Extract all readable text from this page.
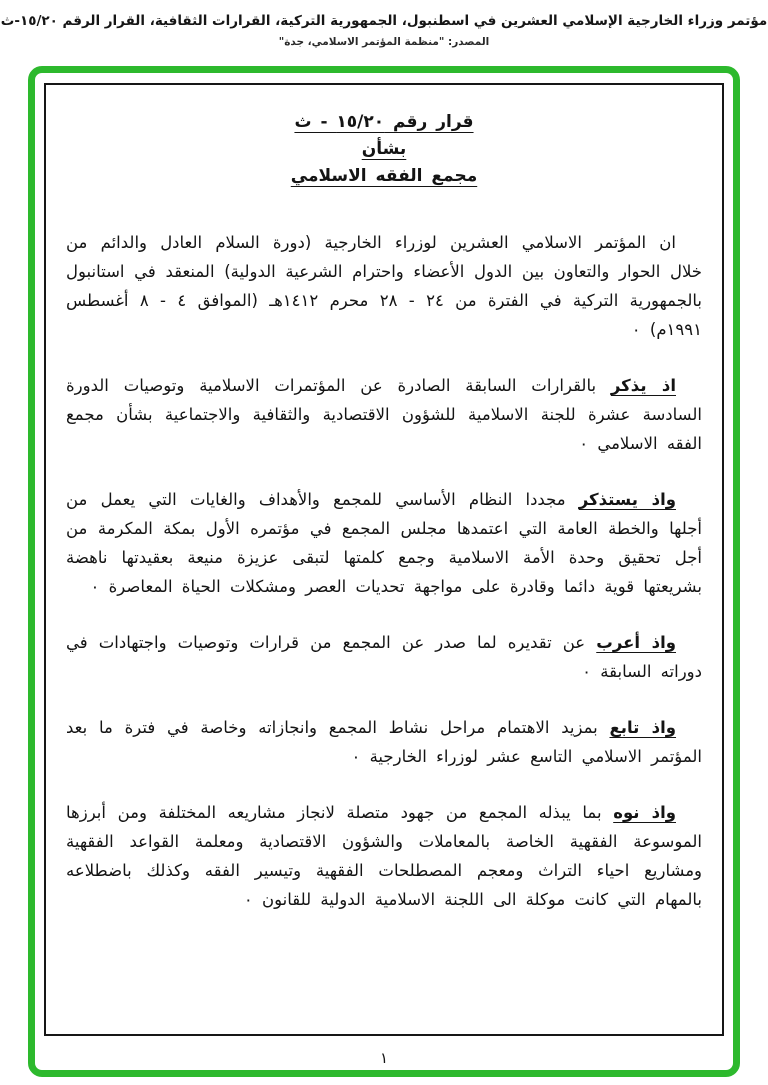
مؤتمر وزراء الخارجية الإسلامي العشرين في اسطنبول، الجمهورية التركية، القرارات الثقافية، القرار الرقم ١٥/٢٠-ث
المصدر: "منظمة المؤتمر الاسلامي، جدة"
قرار رقم ١٥/٢٠ - ث
بشأن
مجمع الفقه الاسلامي

ان المؤتمر الاسلامي العشرين لوزراء الخارجية (دورة السلام العادل والدائم من خلال الحوار والتعاون بين الدول الأعضاء واحترام الشرعية الدولية) المنعقد في استانبول بالجمهورية التركية في الفترة من ٢٤ - ٢٨ محرم ١٤١٢هـ (الموافق ٤ - ٨ أغسطس ١٩٩١م) ٠

اذ يذكر بالقرارات السابقة الصادرة عن المؤتمرات الاسلامية وتوصيات الدورة السادسة عشرة للجنة الاسلامية للشؤون الاقتصادية والثقافية والاجتماعية بشأن مجمع الفقه الاسلامي ٠

واذ يستذكر مجددا النظام الأساسي للمجمع والأهداف والغايات التي يعمل من أجلها والخطة العامة التي اعتمدها مجلس المجمع في مؤتمره الأول بمكة المكرمة من أجل تحقيق وحدة الأمة الاسلامية وجمع كلمتها لتبقى عزيزة منيعة بعقيدتها ناهضة بشريعتها قوية دائما وقادرة على مواجهة تحديات العصر ومشكلات الحياة المعاصرة ٠

واذ أعرب عن تقديره لما صدر عن المجمع من قرارات وتوصيات واجتهادات في دوراته السابقة ٠

واذ تابع بمزيد الاهتمام مراحل نشاط المجمع وانجازاته وخاصة في فترة ما بعد المؤتمر الاسلامي التاسع عشر لوزراء الخارجية ٠

واذ نوه بما يبذله المجمع من جهود متصلة لانجاز مشاريعه المختلفة ومن أبرزها الموسوعة الفقهية الخاصة بالمعاملات والشؤون الاقتصادية ومعلمة القواعد الفقهية ومشاريع احياء التراث ومعجم المصطلحات الفقهية وتيسير الفقه وكذلك باضطلاعه بالمهام التي كانت موكلة الى اللجنة الاسلامية الدولية للقانون ٠

١
